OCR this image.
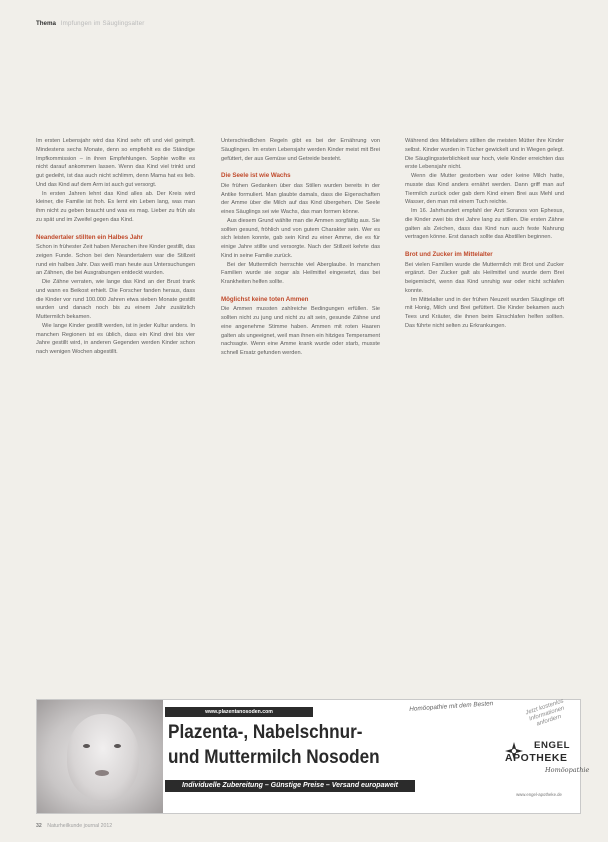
Thema Impfungen im Säuglingsalter

Im ersten Lebensjahr wird das Kind sehr oft und viel geimpft. Mindestens sechs Monate, denn so empfiehlt es die Ständige Impfkommission – in ihren Empfehlungen. Sophie wollte es nicht darauf ankommen lassen. Wenn das Kind viel trinkt und gut gedeiht, ist das auch nicht schlimm, denn Mama hat es lieb. Und das Kind auf dem Arm ist auch gut versorgt.

In ersten Jahren lehnt das Kind alles ab. Der Kreis wird kleiner, die Familie ist froh. Es lernt ein Leben lang, was man ihm nicht zu geben braucht und was es mag. Lieber zu früh als zu spät und im Zweifel gegen das Kind.

Neandertaler stillten ein Halbes Jahr

Schon in frühester Zeit haben Menschen ihre Kinder gestillt, das zeigen Funde. Schon bei den Neandertalern war die Stillzeit rund ein halbes Jahr. Das weiß man heute aus Untersuchungen an Zähnen, die bei Ausgrabungen entdeckt wurden.

Die Zähne verraten, wie lange das Kind an der Brust trank und wann es Beikost erhielt. Die Forscher fanden heraus, dass die Kinder vor rund 100.000 Jahren etwa sieben Monate gestillt wurden und danach noch bis zu einem Jahr zusätzlich Muttermilch bekamen.

Wie lange Kinder gestillt werden, ist in jeder Kultur anders. In manchen Regionen ist es üblich, dass ein Kind drei bis vier Jahre gestillt wird, in anderen Gegenden werden Kinder schon nach wenigen Wochen abgestillt.

Unterschiedlichen Regeln gibt es bei der Ernährung von Säuglingen. Im ersten Lebensjahr werden Kinder meist mit Brei gefüttert, der aus Gemüse und Getreide besteht.

Die Seele ist wie Wachs

Die frühen Gedanken über das Stillen wurden bereits in der Antike formuliert. Man glaubte damals, dass die Eigenschaften der Amme über die Milch auf das Kind übergehen. Die Seele eines Säuglings sei wie Wachs, das man formen könne.

Aus diesem Grund wählte man die Ammen sorgfältig aus. Sie sollten gesund, fröhlich und von gutem Charakter sein. Wer es sich leisten konnte, gab sein Kind zu einer Amme, die es für einige Jahre stillte und versorgte. Nach der Stillzeit kehrte das Kind in seine Familie zurück.

Bei der Muttermilch herrschte viel Aberglaube. In manchen Familien wurde sie sogar als Heilmittel eingesetzt, das bei Krankheiten helfen sollte.

Möglichst keine toten Ammen

Die Ammen mussten zahlreiche Bedingungen erfüllen. Sie sollten nicht zu jung und nicht zu alt sein, gesunde Zähne und eine angenehme Stimme haben. Ammen mit roten Haaren galten als ungeeignet, weil man ihnen ein hitziges Temperament nachsagte. Wenn eine Amme krank wurde oder starb, musste schnell Ersatz gefunden werden.

Während des Mittelalters stillten die meisten Mütter ihre Kinder selbst. Kinder wurden in Tücher gewickelt und in Wiegen gelegt. Die Säuglingssterblichkeit war hoch, viele Kinder erreichten das erste Lebensjahr nicht.

Wenn die Mutter gestorben war oder keine Milch hatte, musste das Kind anders ernährt werden. Dann griff man auf Tiermilch zurück oder gab dem Kind einen Brei aus Mehl und Wasser, den man mit einem Tuch reichte.

Im 16. Jahrhundert empfahl der Arzt Soranos von Ephesus, die Kinder zwei bis drei Jahre lang zu stillen. Die ersten Zähne galten als Zeichen, dass das Kind nun auch feste Nahrung vertragen könne. Erst danach sollte das Abstillen beginnen.

Brot und Zucker im Mittelalter

Bei vielen Familien wurde die Muttermilch mit Brot und Zucker ergänzt. Der Zucker galt als Heilmittel und wurde dem Brei beigemischt, wenn das Kind unruhig war oder nicht schlafen konnte.

Im Mittelalter und in der frühen Neuzeit wurden Säuglinge oft mit Honig, Milch und Brei gefüttert. Die Kinder bekamen auch Tees und Kräuter, die ihnen beim Einschlafen helfen sollten. Das führte nicht selten zu Erkrankungen.

www.plazentanosoden.com
Plazenta-, Nabelschnur-
und Muttermilch Nosoden
Homöopathie mit dem Besten	Jetzt kostenlos Informationen anfordern
Individuelle Zubereitung – Günstige Preise – Versand europaweit
ENGEL
APOTHEKE
Homöopathie
www.engel-apotheke.de
32 Naturheilkunde journal 2012
